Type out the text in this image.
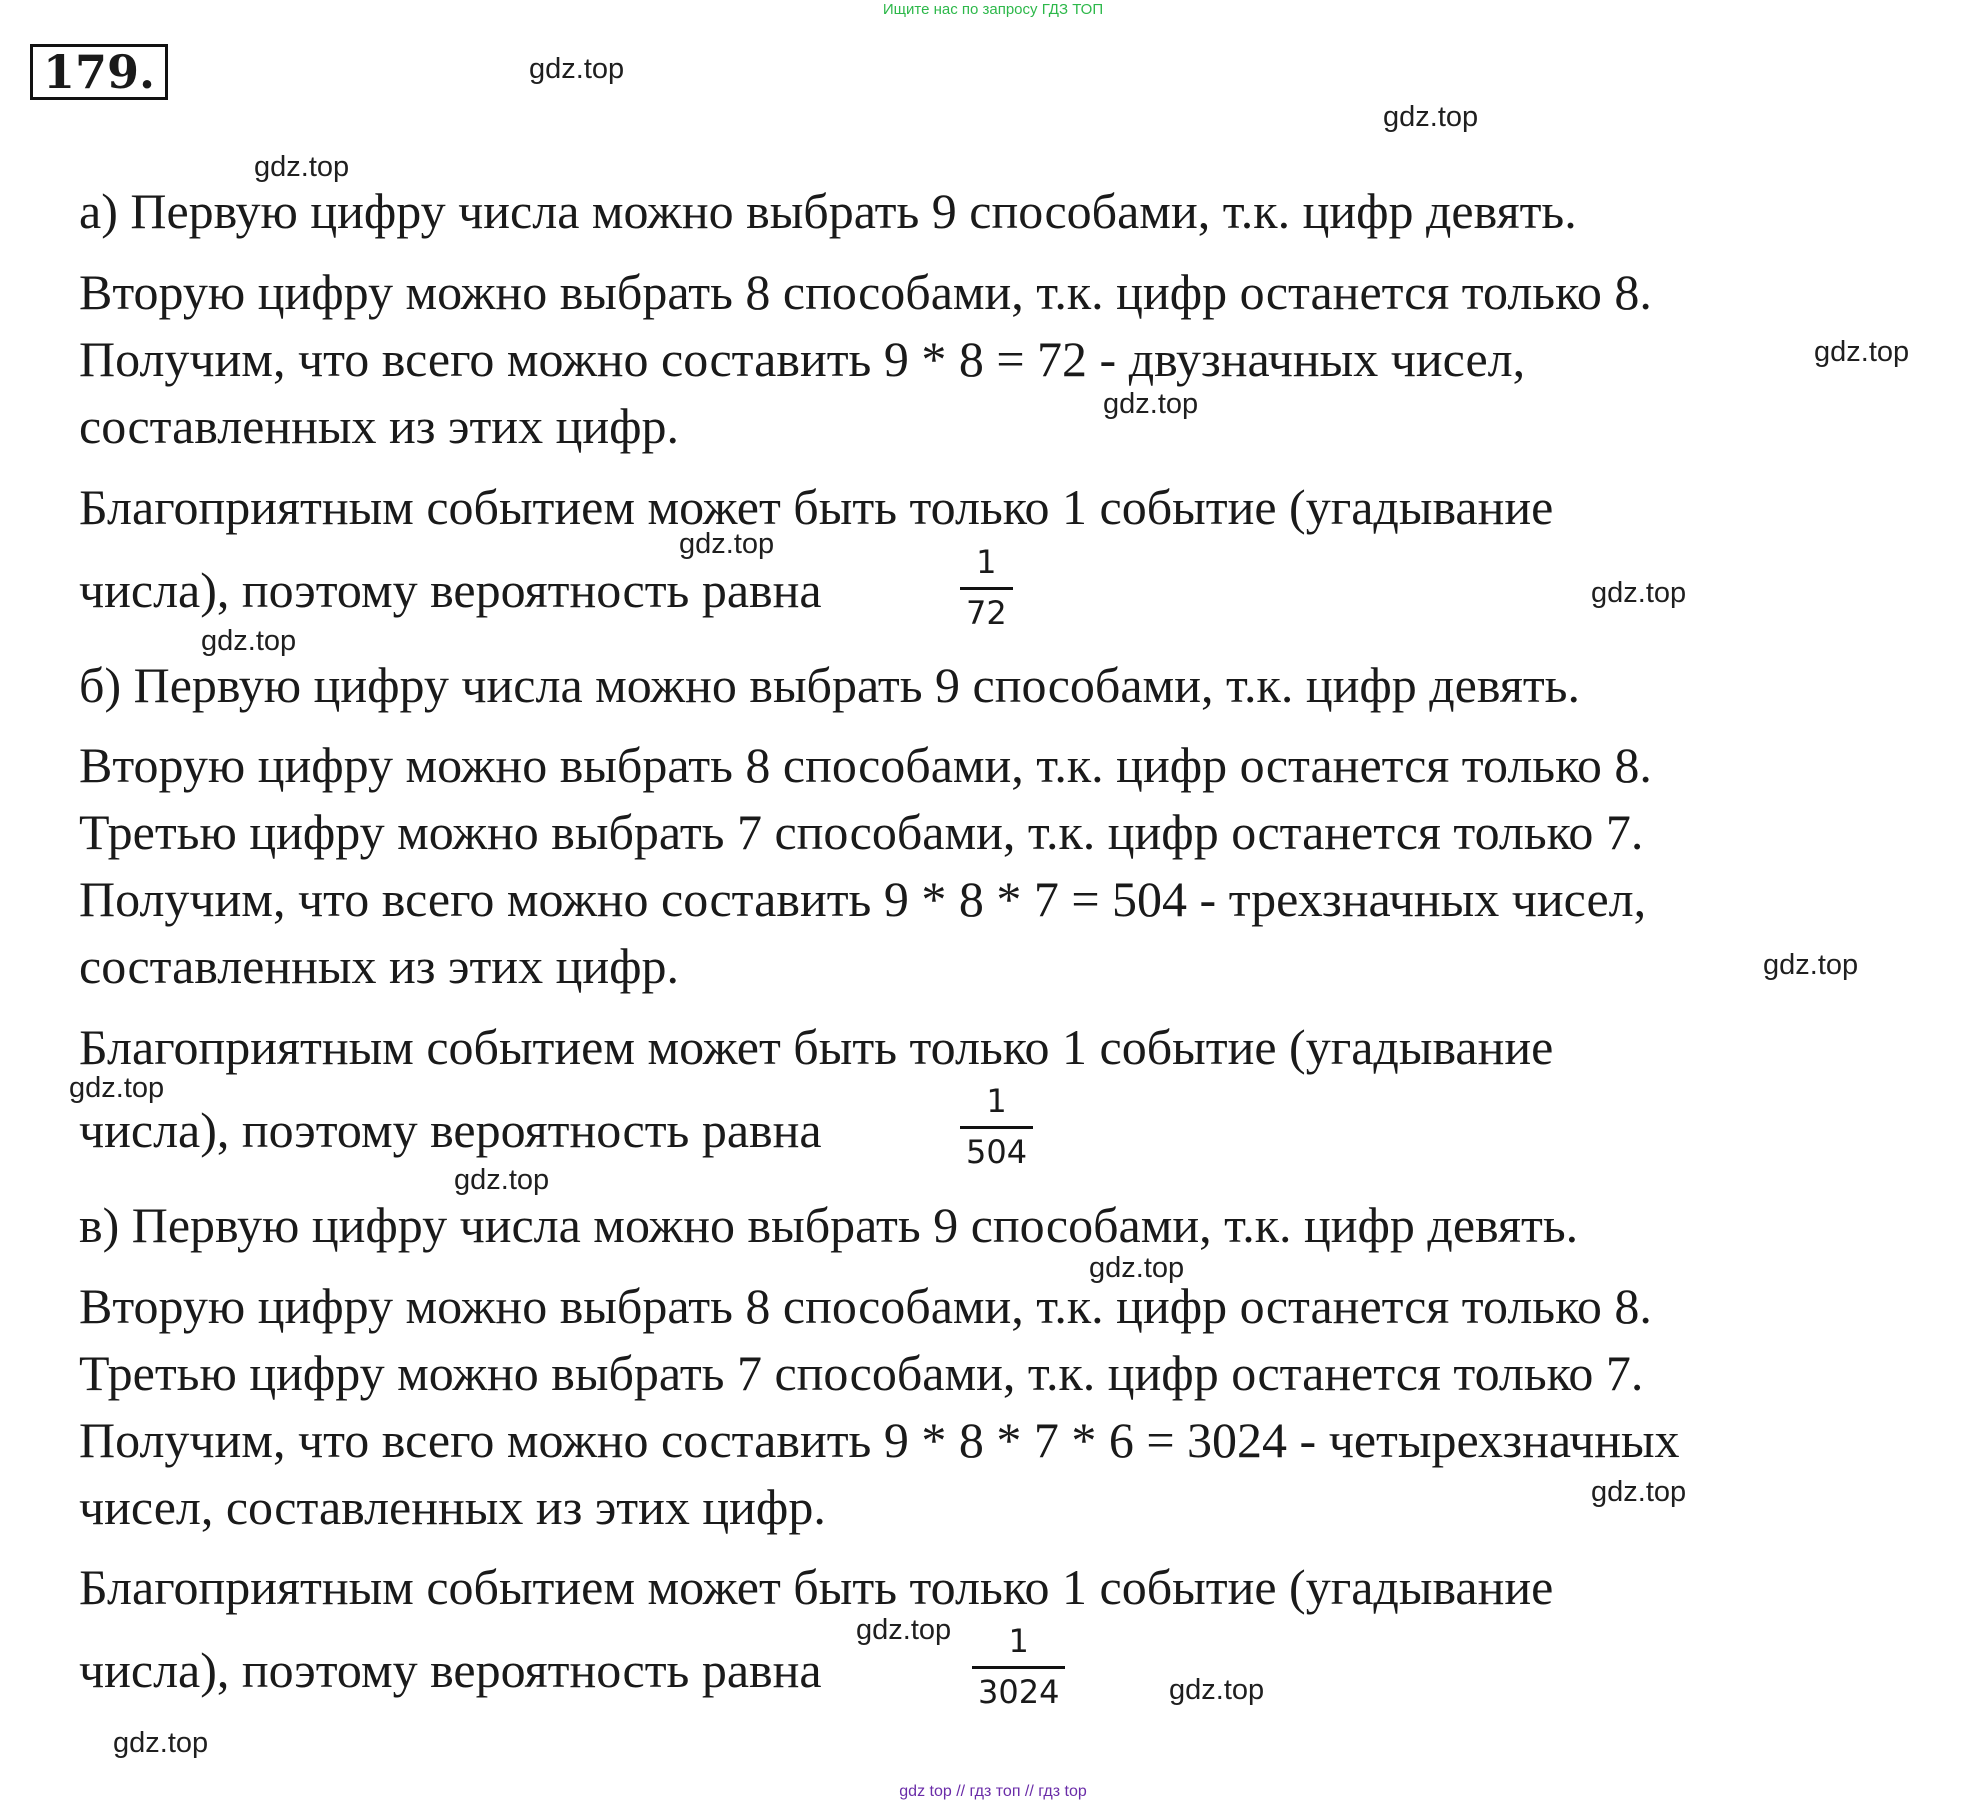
Ищите нас по запросу ГДЗ ТОП
179.	gdz.top
gdz.top
gdz.top
gdz.top
gdz.top
gdz.top
gdz.top
gdz.top
gdz.top
gdz.top
gdz.top
gdz.top
gdz.top
gdz.top
gdz.top
gdz.top
а) Первую цифру числа можно выбрать 9 способами, т.к. цифр девять.
Вторую цифру можно выбрать 8 способами, т.к. цифр останется только 8.
Получим, что всего можно составить 9 * 8 = 72 - двузначных чисел,
составленных из этих цифр.
Благоприятным событием может быть только 1 событие (угадывание
числа), поэтому вероятность равна	$\frac{1}{72}$
б) Первую цифру числа можно выбрать 9 способами, т.к. цифр девять.
Вторую цифру можно выбрать 8 способами, т.к. цифр останется только 8.
Третью цифру можно выбрать 7 способами, т.к. цифр останется только 7.
Получим, что всего можно составить 9 * 8 * 7 = 504 - трехзначных чисел,
составленных из этих цифр.
Благоприятным событием может быть только 1 событие (угадывание
числа), поэтому вероятность равна	$\frac{1}{504}$
в) Первую цифру числа можно выбрать 9 способами, т.к. цифр девять.
Вторую цифру можно выбрать 8 способами, т.к. цифр останется только 8.
Третью цифру можно выбрать 7 способами, т.к. цифр останется только 7.
Получим, что всего можно составить 9 * 8 * 7 * 6 = 3024 - четырехзначных
чисел, составленных из этих цифр.
Благоприятным событием может быть только 1 событие (угадывание
числа), поэтому вероятность равна	$\frac{1}{3024}$
gdz top // гдз топ // гдз top
